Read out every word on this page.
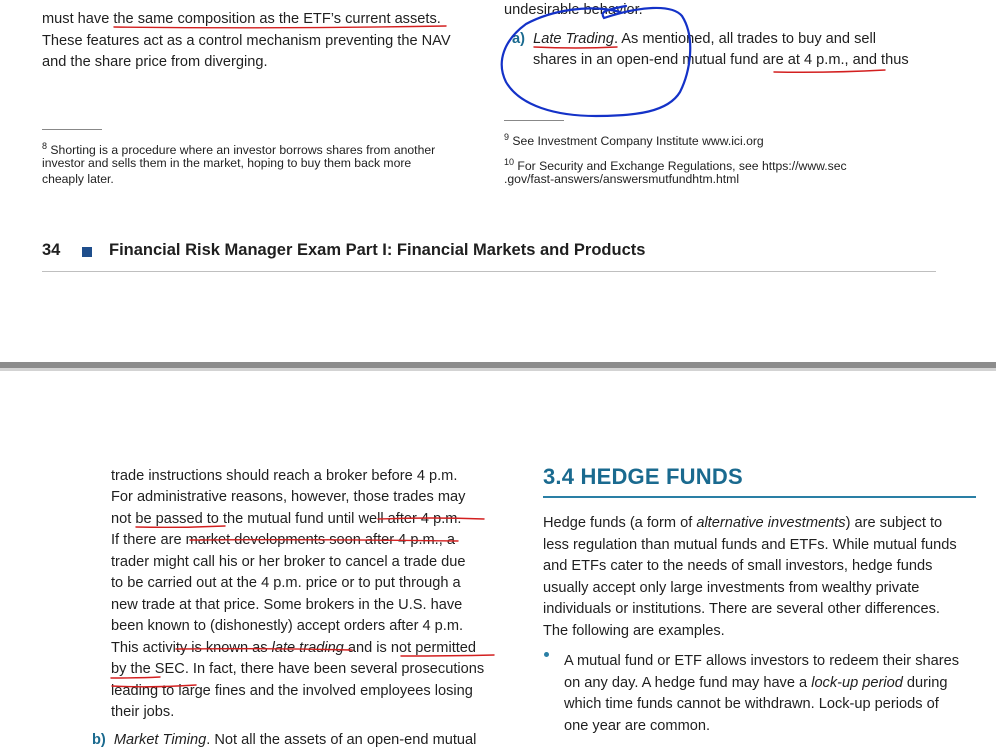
must have the same composition as the ETF’s current assets.
These features act as a control mechanism preventing the NAV
and the share price from diverging.
undesirable behavior.
a) Late Trading. As mentioned, all trades to buy and sell
shares in an open-end mutual fund are at 4 p.m., and thus
$^8$ Shorting is a procedure where an investor borrows shares from another
investor and sells them in the market, hoping to buy them back more
cheaply later.
$^9$ See Investment Company Institute www.ici.org
$^{10}$ For Security and Exchange Regulations, see https://www.sec
.gov/fast-answers/answersmutfundhtm.html
34	Financial Risk Manager Exam Part I: Financial Markets and Products
trade instructions should reach a broker before 4 p.m.
For administrative reasons, however, those trades may
not be passed to the mutual fund until well after 4 p.m.
If there are market developments soon after 4 p.m., a
trader might call his or her broker to cancel a trade due
to be carried out at the 4 p.m. price or to put through a
new trade at that price. Some brokers in the U.S. have
been known to (dishonestly) accept orders after 4 p.m.
This activity is known as late trading and is not permitted
by the SEC. In fact, there have been several prosecutions
leading to large fines and the involved employees losing
their jobs.
b) Market Timing. Not all the assets of an open-end mutual
3.4 HEDGE FUNDS
Hedge funds (a form of alternative investments) are subject to
less regulation than mutual funds and ETFs. While mutual funds
and ETFs cater to the needs of small investors, hedge funds
usually accept only large investments from wealthy private
individuals or institutions. There are several other differences.
The following are examples.
A mutual fund or ETF allows investors to redeem their shares
on any day. A hedge fund may have a lock-up period during
which time funds cannot be withdrawn. Lock-up periods of
one year are common.
